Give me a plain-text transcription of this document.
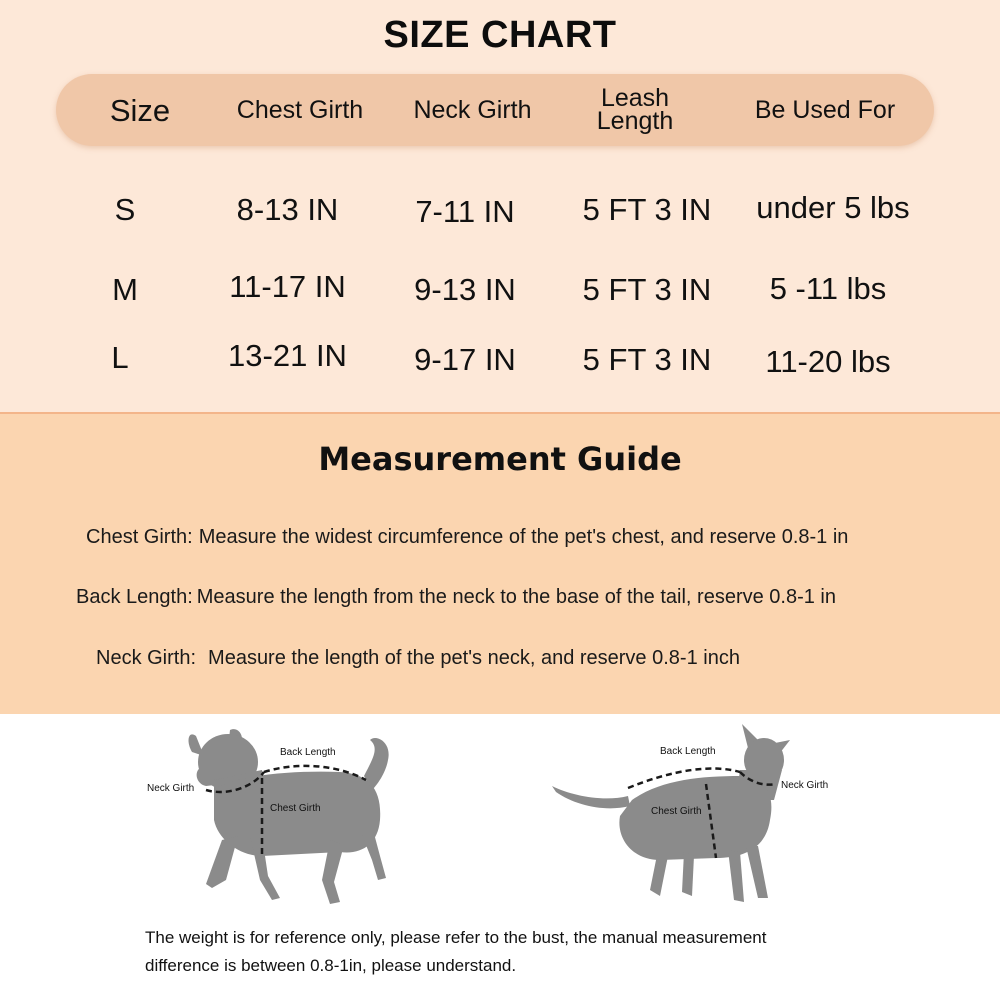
SIZE CHART
Size	Chest Girth	Neck Girth	Leash Length	Be Used For
S	8-13 IN	7-11 IN	5 FT 3 IN	under 5 lbs
M	11-17 IN	9-13 IN	5 FT 3 IN	5 -11 lbs
L	13-21 IN	9-17 IN	5 FT 3 IN	11-20 lbs
Measurement Guide
Chest Girth: Measure the widest circumference of the pet's chest, and reserve 0.8-1 in
Back Length: Measure the length from the neck to the base of the tail, reserve 0.8-1 in
Neck Girth: Measure the length of the pet's neck, and reserve 0.8-1 inch
Back Length
Neck Girth
Chest Girth
Back Length
Neck Girth
Chest Girth
The weight is for reference only, please refer to the bust, the manual measurement
difference is between 0.8-1in, please understand.
